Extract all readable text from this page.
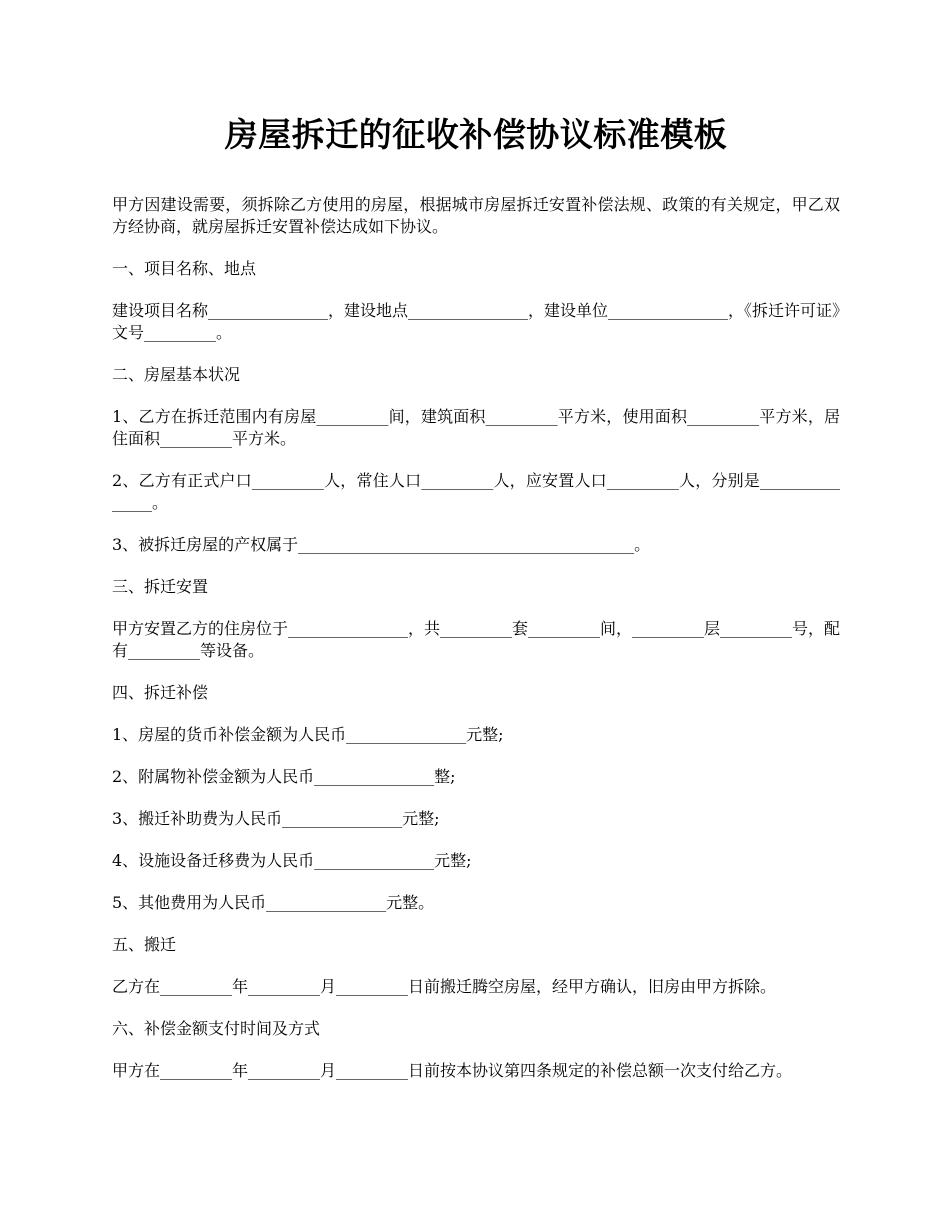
房屋拆迁的征收补偿协议标准模板

甲方因建设需要，须拆除乙方使用的房屋，根据城市房屋拆迁安置补偿法规、政策的有关规定，甲乙双方经协商，就房屋拆迁安置补偿达成如下协议。

一、项目名称、地点

建设项目名称_______________，建设地点_______________，建设单位_______________，《拆迁许可证》文号_________。

二、房屋基本状况

1、乙方在拆迁范围内有房屋_________间，建筑面积_________平方米，使用面积_________平方米，居住面积_________平方米。

2、乙方有正式户口_________人，常住人口_________人，应安置人口_________人，分别是_______________。

3、被拆迁房屋的产权属于__________________________________________。

三、拆迁安置

甲方安置乙方的住房位于_______________，共_________套_________间，_________层_________号，配有_________等设备。

四、拆迁补偿

1、房屋的货币补偿金额为人民币_______________元整;

2、附属物补偿金额为人民币_______________整;

3、搬迁补助费为人民币_______________元整;

4、设施设备迁移费为人民币_______________元整;

5、其他费用为人民币_______________元整。

五、搬迁

乙方在_________年_________月_________日前搬迁腾空房屋，经甲方确认，旧房由甲方拆除。

六、补偿金额支付时间及方式

甲方在_________年_________月_________日前按本协议第四条规定的补偿总额一次支付给乙方。
